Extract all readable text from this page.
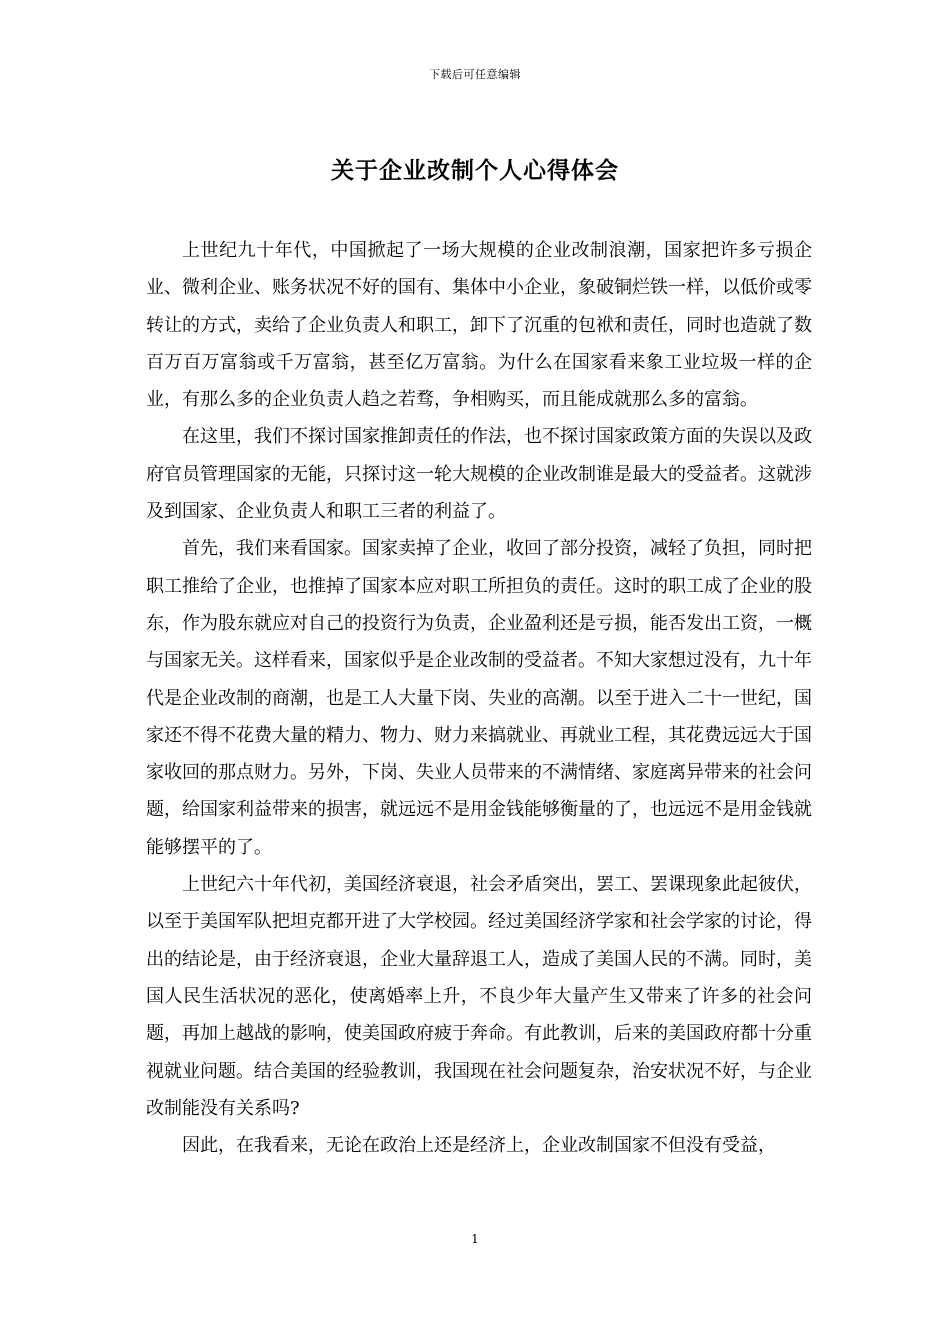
下载后可任意编辑
关于企业改制个人心得体会

上世纪九十年代，中国掀起了一场大规模的企业改制浪潮，国家把许多亏损企业、微利企业、账务状况不好的国有、集体中小企业，象破铜烂铁一样，以低价或零转让的方式，卖给了企业负责人和职工，卸下了沉重的包袱和责任，同时也造就了数百万百万富翁或千万富翁，甚至亿万富翁。为什么在国家看来象工业垃圾一样的企业，有那么多的企业负责人趋之若骛，争相购买，而且能成就那么多的富翁。

在这里，我们不探讨国家推卸责任的作法，也不探讨国家政策方面的失误以及政府官员管理国家的无能，只探讨这一轮大规模的企业改制谁是最大的受益者。这就涉及到国家、企业负责人和职工三者的利益了。

首先，我们来看国家。国家卖掉了企业，收回了部分投资，减轻了负担，同时把职工推给了企业，也推掉了国家本应对职工所担负的责任。这时的职工成了企业的股东，作为股东就应对自己的投资行为负责，企业盈利还是亏损，能否发出工资，一概与国家无关。这样看来，国家似乎是企业改制的受益者。不知大家想过没有，九十年代是企业改制的商潮，也是工人大量下岗、失业的高潮。以至于进入二十一世纪，国家还不得不花费大量的精力、物力、财力来搞就业、再就业工程，其花费远远大于国家收回的那点财力。另外，下岗、失业人员带来的不满情绪、家庭离异带来的社会问题，给国家利益带来的损害，就远远不是用金钱能够衡量的了，也远远不是用金钱就能够摆平的了。

上世纪六十年代初，美国经济衰退，社会矛盾突出，罢工、罢课现象此起彼伏，以至于美国军队把坦克都开进了大学校园。经过美国经济学家和社会学家的讨论，得出的结论是，由于经济衰退，企业大量辞退工人，造成了美国人民的不满。同时，美国人民生活状况的恶化，使离婚率上升，不良少年大量产生又带来了许多的社会问题，再加上越战的影响，使美国政府疲于奔命。有此教训，后来的美国政府都十分重视就业问题。结合美国的经验教训，我国现在社会问题复杂，治安状况不好，与企业改制能没有关系吗?

因此，在我看来，无论在政治上还是经济上，企业改制国家不但没有受益，

1
